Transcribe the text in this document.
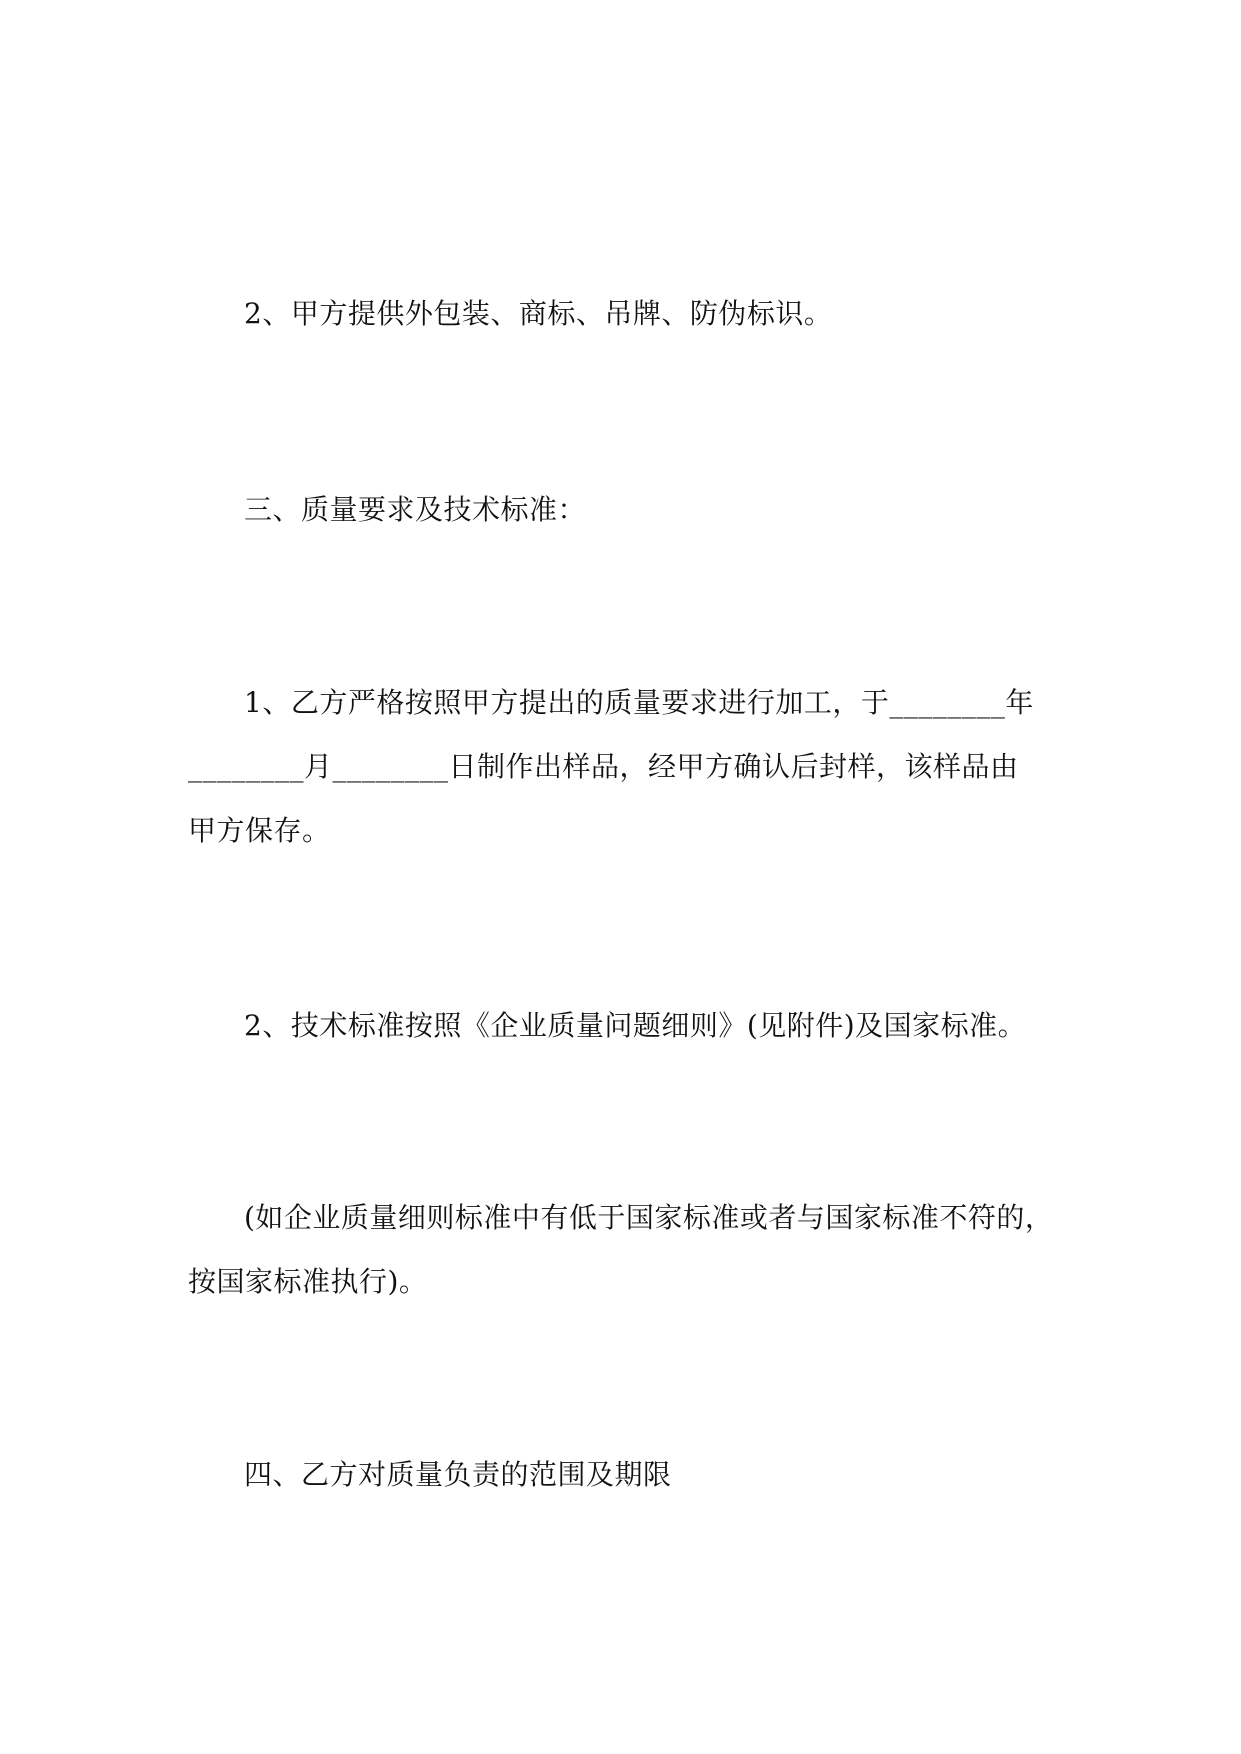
2、甲方提供外包装、商标、吊牌、防伪标识。

三、质量要求及技术标准：

1、乙方严格按照甲方提出的质量要求进行加工，于________年
________月________日制作出样品，经甲方确认后封样，该样品由
甲方保存。

2、技术标准按照《企业质量问题细则》(见附件)及国家标准。

(如企业质量细则标准中有低于国家标准或者与国家标准不符的，
按国家标准执行)。

四、乙方对质量负责的范围及期限
